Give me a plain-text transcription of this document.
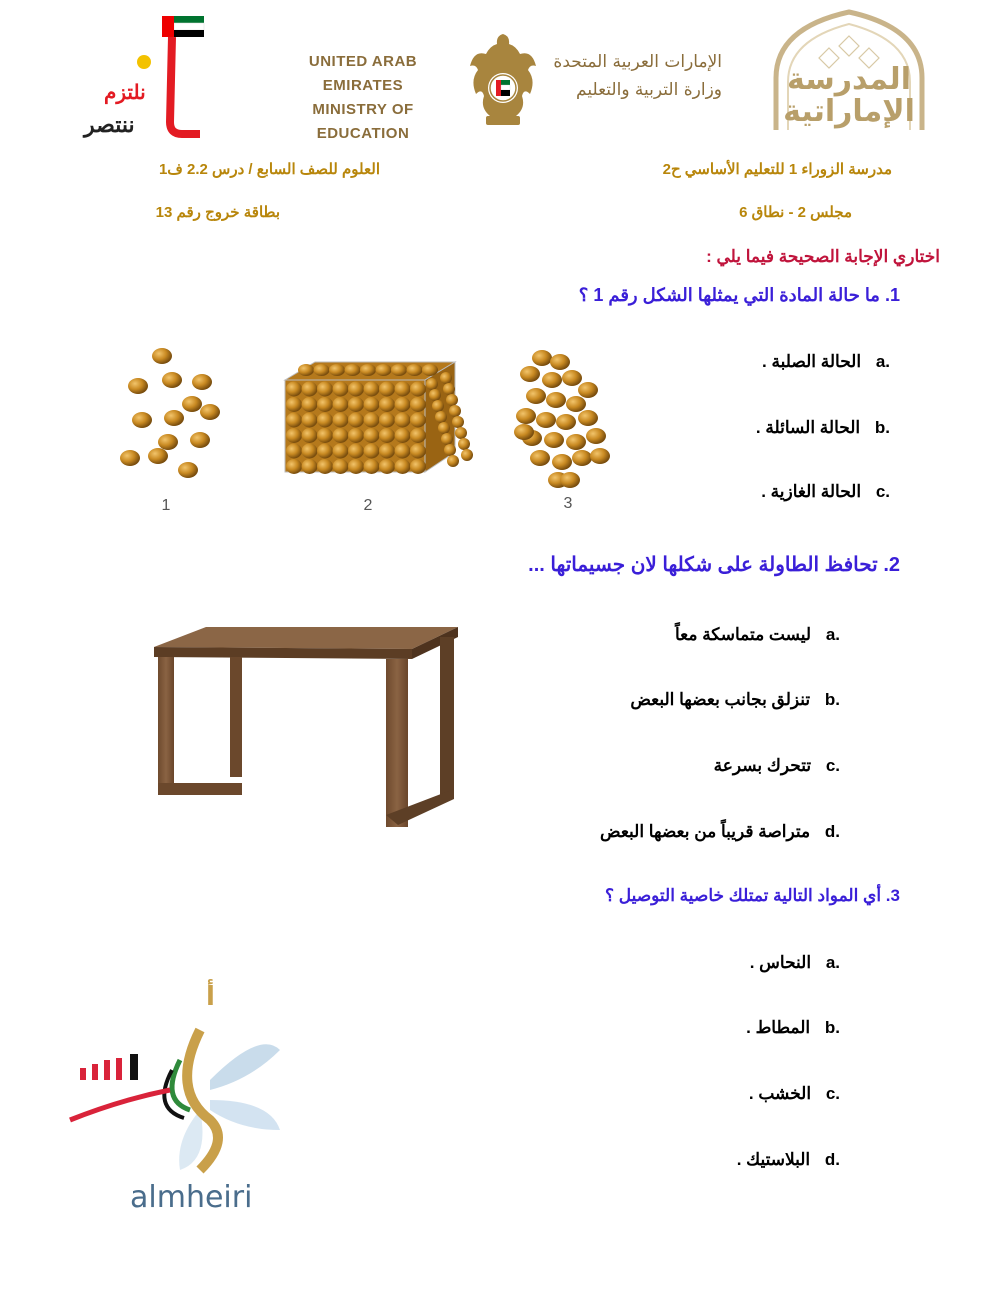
نلتزم
ننتصر
UNITED ARAB EMIRATES
MINISTRY OF EDUCATION
الإمارات العربية المتحدة
وزارة التربية والتعليم	المدرسة
الإماراتية
مدرسة الزوراء 1 للتعليم الأساسي ح2
العلوم للصف السابع / درس 2.2 ف1
مجلس 2 - نطاق 6
بطاقة خروج رقم 13
اختاري الإجابة الصحيحة فيما يلي :
1. ما حالة المادة التي يمثلها الشكل رقم 1 ؟
1	2	3
a. الحالة الصلبة .
b. الحالة السائلة .
c. الحالة الغازية .
2. تحافظ الطاولة على شكلها لان جسيماتها ...
a. ليست متماسكة معاً
b. تنزلق بجانب بعضها البعض
c. تتحرك بسرعة
d. متراصة قريباً من بعضها البعض
3. أي المواد التالية تمتلك خاصية التوصيل ؟
a. النحاس .
b. المطاط .
c. الخشب .
d. البلاستيك .
أ
almheiri
